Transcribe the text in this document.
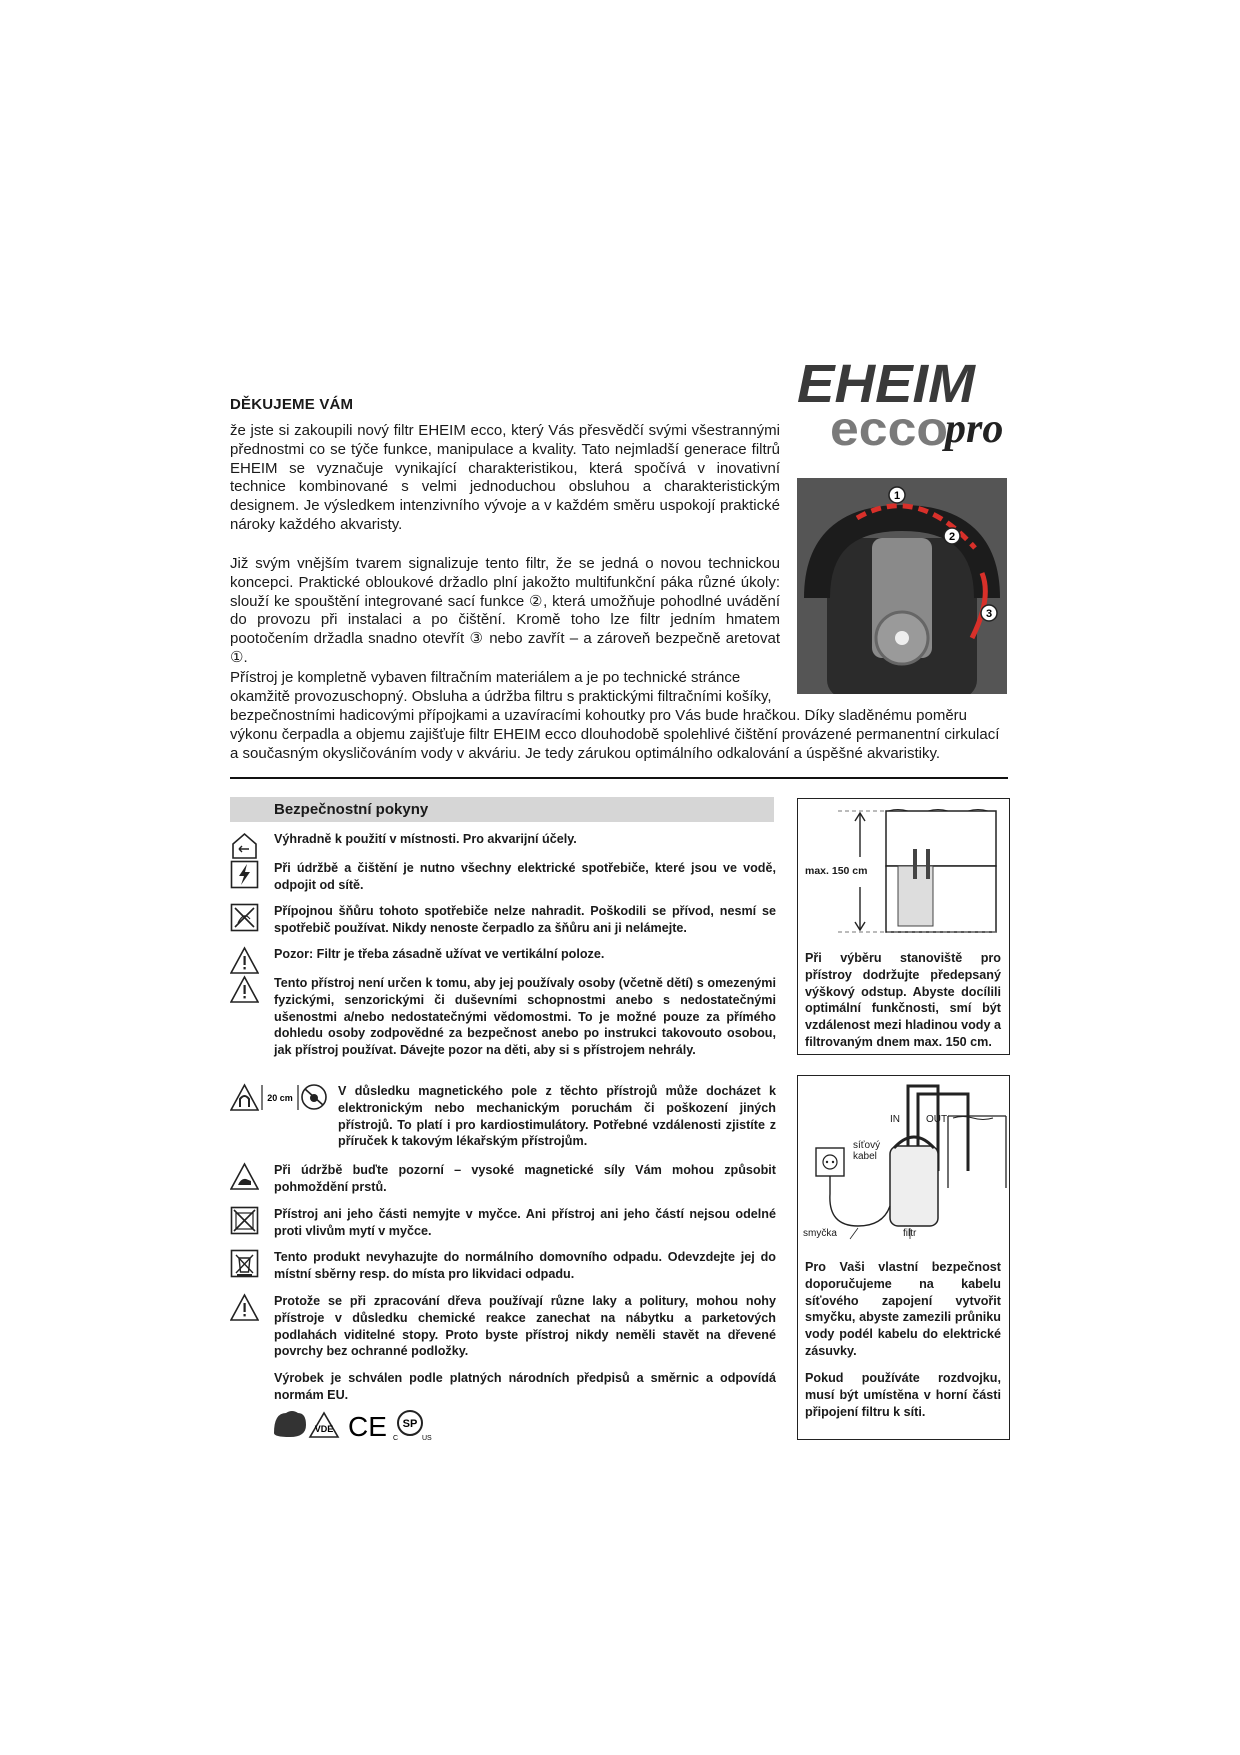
EHEIM
ecco
pro
DĚKUJEME VÁM

že jste si zakoupili nový filtr EHEIM ecco, který Vás přesvědčí svými všestrannými přednostmi co se týče funkce, manipulace a kvality. Tato nejmladší generace filtrů EHEIM se vyznačuje vynikající charakteristikou, která spočívá v inovativní technice kombinované s velmi jednoduchou obsluhou a charakteristickým designem. Je výsledkem intenzivního vývoje a v každém směru uspokojí praktické nároky každého akvaristy.

Již svým vnějším tvarem signalizuje tento filtr, že se jedná o novou technickou koncepci. Praktické obloukové držadlo plní jakožto multifunkční páka různé úkoly: slouží ke spouštění integrované sací funkce ②, která umožňuje pohodlné uvádění do provozu při instalaci a po čištění. Kromě toho lze filtr jedním hmatem pootočením držadla snadno otevřít ③ nebo zavřít – a zároveň bezpečně aretovat ①.

Přístroj je kompletně vybaven filtračním materiálem a je po technické stránce okamžitě provozuschopný. Obsluha a údržba filtru s praktickými filtračními košíky,

bezpečnostními hadicovými přípojkami a uzavíracími kohoutky pro Vás bude hračkou. Díky sladěnému poměru výkonu čerpadla a objemu zajišťuje filtr EHEIM ecco dlouhodobě spolehlivé čištění provázené permanentní cirkulací a současným okysličováním vody v akváriu. Je tedy zárukou optimálního odkalování a úspěšné akvaristiky.

1
2
3
Bezpečnostní pokyny
Výhradně k použití v místnosti. Pro akvarijní účely.
Při údržbě a čištění je nutno všechny elektrické spotřebiče, které jsou ve vodě, odpojit od sítě.
Přípojnou šňůru tohoto spotřebiče nelze nahradit. Poškodili se přívod, nesmí se spotřebič používat. Nikdy nenoste čerpadlo za šňůru ani ji nelámejte.
Pozor: Filtr je třeba zásadně užívat ve vertikální poloze.
Tento přístroj není určen k tomu, aby jej používaly osoby (včetně dětí) s omezenými fyzickými, senzorickými či duševními schopnostmi anebo s nedostatečnými ušenostmi a/nebo nedostatečnými vědomostmi. To je možné pouze za přímého dohledu osoby zodpovědné za bezpečnost anebo po instrukci takovouto osobou, jak přístroj používat. Dávejte pozor na děti, aby si s přístrojem nehrály.
20 cm	V důsledku magnetického pole z těchto přístrojů může docházet k elektronickým nebo mechanickým poruchám či poškození jiných přístrojů. To platí i pro kardiostimulátory. Potřebné vzdálenosti zjistíte z příruček k takovým lékařským přístrojům.
Při údržbě buďte pozorní – vysoké magnetické síly Vám mohou způsobit pohmoždění prstů.
Přístroj ani jeho části nemyjte v myčce. Ani přístroj ani jeho částí nejsou odelné proti vlivům mytí v myčce.
Tento produkt nevyhazujte do normálního domovního odpadu. Odevzdejte jej do místní sběrny resp. do místa pro likvidaci odpadu.
Protože se při zpracování dřeva používají různe laky a politury, mohou nohy přístroje v důsledku chemické reakce zanechat na nábytku a parketových podlahách viditelné stopy. Proto byste přístroj nikdy neměli stavět na dřevené povrchy bez ochranné podložky.
Výrobek je schválen podle platných národních předpisů a směrnic a odpovídá normám EU.
VDE CE SP
C	US
max. 150 cm
Při výběru stanoviště pro přístroy dodržujte předepsaný výškový odstup. Abyste docílili optimální funkčnosti, smí být vzdálenost mezi hladinou vody a filtrovaným dnem max. 150 cm.
IN	OUT
síťový kabel
smyčka	filtr
Pro Vaši vlastní bezpečnost doporučujeme na kabelu síťového zapojení vytvořit smyčku, abyste zamezili průniku vody podél kabelu do elektrické zásuvky.
Pokud používáte rozdvojku, musí být umístěna v horní části připojení filtru k síti.
